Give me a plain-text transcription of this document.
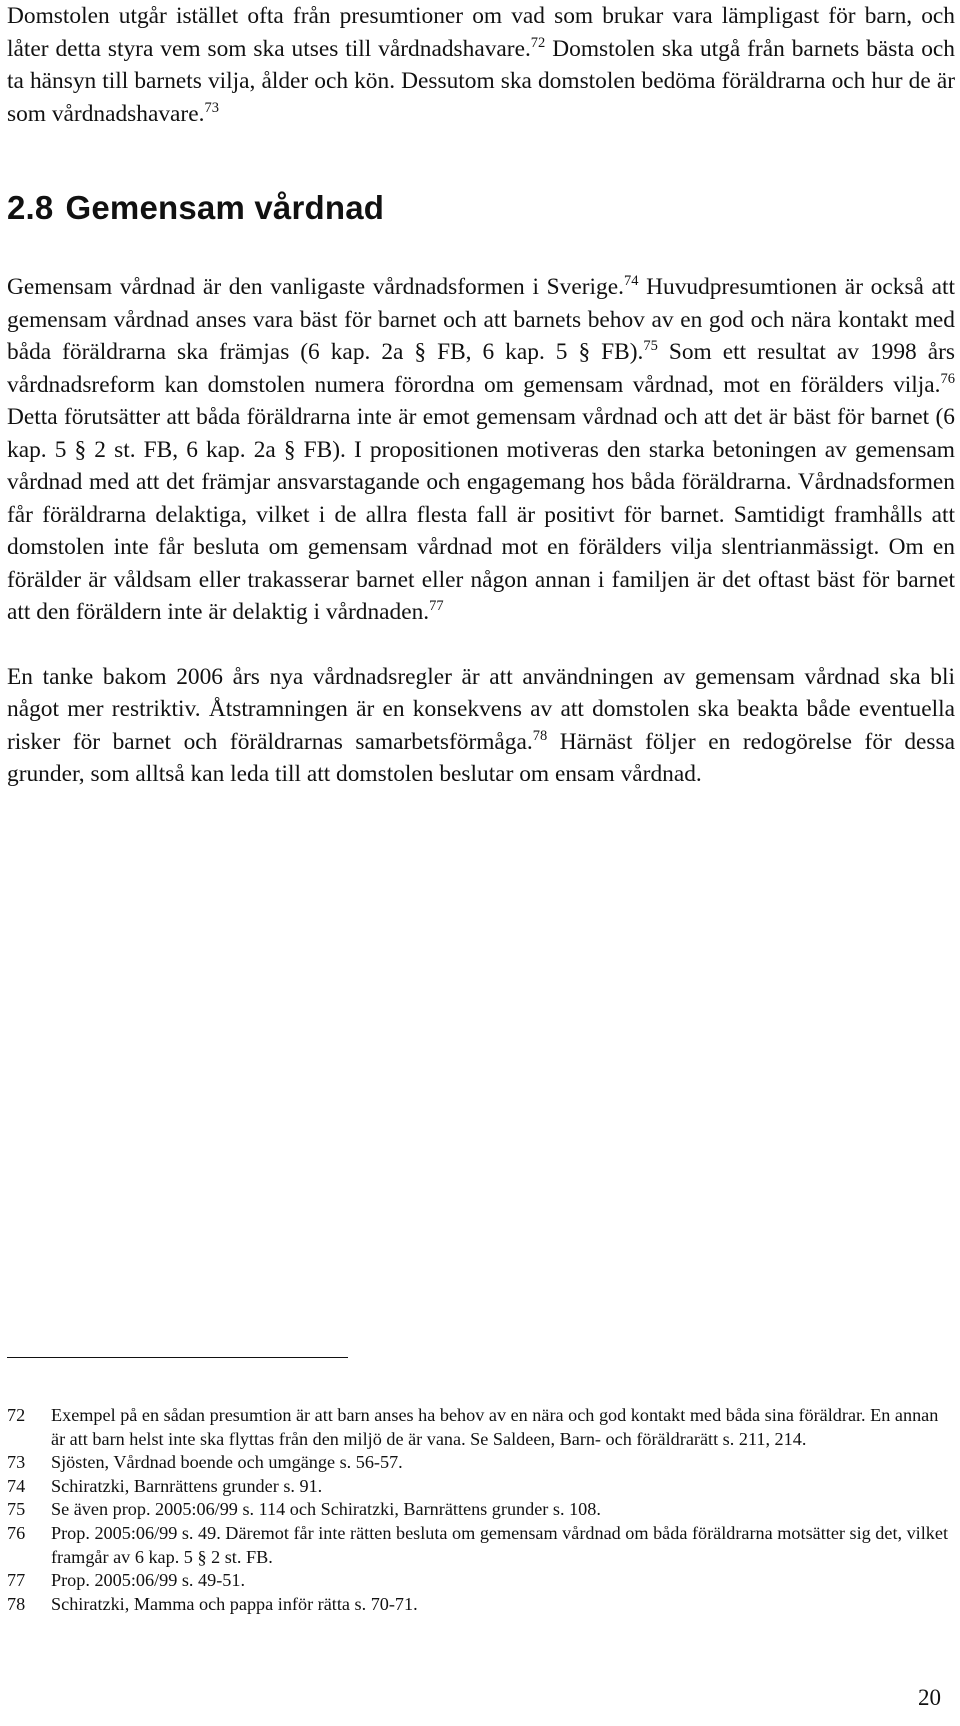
Domstolen utgår istället ofta från presumtioner om vad som brukar vara lämpligast för barn, och låter detta styra vem som ska utses till vårdnadshavare.$^{72}$ Domstolen ska utgå från barnets bästa och ta hänsyn till barnets vilja, ålder och kön. Dessutom ska domstolen bedöma föräldrarna och hur de är som vårdnadshavare.$^{73}$

2.8 Gemensam vårdnad

Gemensam vårdnad är den vanligaste vårdnadsformen i Sverige.$^{74}$ Huvudpresumtionen är också att gemensam vårdnad anses vara bäst för barnet och att barnets behov av en god och nära kontakt med båda föräldrarna ska främjas (6 kap. 2a § FB, 6 kap. 5 § FB).$^{75}$ Som ett resultat av 1998 års vårdnadsreform kan domstolen numera förordna om gemensam vårdnad, mot en förälders vilja.$^{76}$ Detta förutsätter att båda föräldrarna inte är emot gemensam vårdnad och att det är bäst för barnet (6 kap. 5 § 2 st. FB, 6 kap. 2a § FB). I propositionen motiveras den starka betoningen av gemensam vårdnad med att det främjar ansvarstagande och engagemang hos båda föräldrarna. Vårdnadsformen får föräldrarna delaktiga, vilket i de allra flesta fall är positivt för barnet. Samtidigt framhålls att domstolen inte får besluta om gemensam vårdnad mot en förälders vilja slentrianmässigt. Om en förälder är våldsam eller trakasserar barnet eller någon annan i familjen är det oftast bäst för barnet att den föräldern inte är delaktig i vårdnaden.$^{77}$

En tanke bakom 2006 års nya vårdnadsregler är att användningen av gemensam vårdnad ska bli något mer restriktiv. Åtstramningen är en konsekvens av att domstolen ska beakta både eventuella risker för barnet och föräldrarnas samarbetsförmåga.$^{78}$ Härnäst följer en redogörelse för dessa grunder, som alltså kan leda till att domstolen beslutar om ensam vårdnad.

72	Exempel på en sådan presumtion är att barn anses ha behov av en nära och god kontakt med båda sina föräldrar. En annan är att barn helst inte ska flyttas från den miljö de är vana. Se Saldeen, Barn- och föräldrarätt s. 211, 214.
73	Sjösten, Vårdnad boende och umgänge s. 56-57.
74	Schiratzki, Barnrättens grunder s. 91.
75	Se även prop. 2005:06/99 s. 114 och Schiratzki, Barnrättens grunder s. 108.
76	Prop. 2005:06/99 s. 49. Däremot får inte rätten besluta om gemensam vårdnad om båda föräldrarna motsätter sig det, vilket framgår av 6 kap. 5 § 2 st. FB.
77	Prop. 2005:06/99 s. 49-51.
78	Schiratzki, Mamma och pappa inför rätta s. 70-71.
20
